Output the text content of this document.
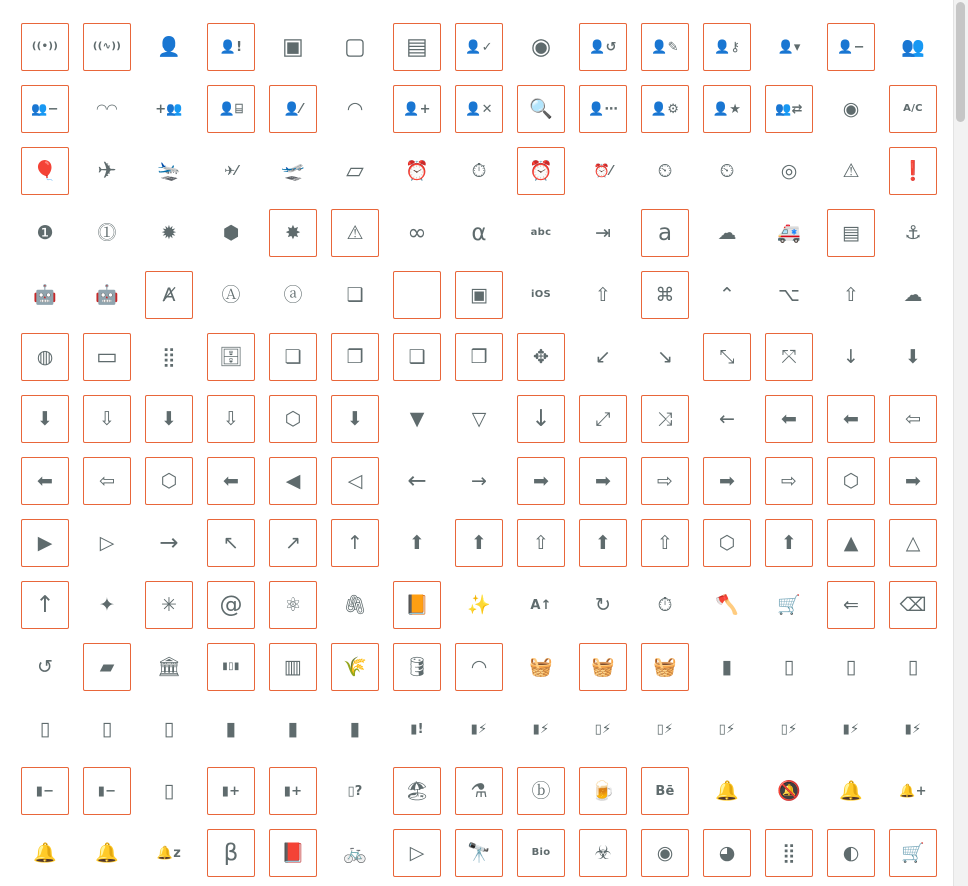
((•))	((∿)) 👤	👤! ▣ ▢ ▤	👤✓ ◉	👤↺	👤✎	👤⚷	👤▾	👤− 👥
👥−	◠◠	+👥	👤⌸	👤⁄ ◠	👤+	👤✕ 🔍	👤⋯	👤⚙	👤★	👥⇄ ◉	A/C
🎈 ✈ 🛬	✈⁄ 🛫 ▱ ⏰ ⏱ ⏰	⏰⁄ ⏲ ⏲ ◎ ⚠ ❗
❶ ⓵ ✹ ⬢ ✸ ⚠ ∞ α	abc ⇥ a ☁ 🚑 ▤ ⚓
🤖 🤖 Ⱥ Ⓐ ⓐ ❑	▣	iOS ⇧ ⌘ ⌃ ⌥ ⇧ ☁
◍ ▭ ⣿ 🗄 ❏ ❐ ❑ ❒ ✥ ↙ ↘ ⤡ ⤧ ↓ ⬇
⬇ ⇩ ⬇ ⇩ ⬡ ⬇ ▼ ▽ ↓ ⤢ ⤨ ← ⬅ ⬅ ⇦
⬅ ⇦ ⬡ ⬅ ◀ ◁ ← → ➡ ➡ ⇨ ➡ ⇨ ⬡ ➡
▶ ▷ → ↖ ↗ ↑ ⬆ ⬆ ⇧ ⬆ ⇧ ⬡ ⬆ ▲ △
↑ ✦ ✳ @ ⚛ 🖇 📙 ✨	A↑ ↻ ⏱ 🪓 🛒 ⇐ ⌫
↺ ▰ 🏛	▮▯▮ ▥ 🌾 🛢 ◠ 🧺 🧺 🧺 ▮	▯	▯	▯
▯	▯	▯	▮	▮	▮	▮!	▮⚡	▮⚡	▯⚡	▯⚡	▯⚡	▯⚡	▮⚡	▮⚡
▮−	▮−	▯	▮+	▮+	▯? 🏖 ⚗ ⓑ 🍺	Bē 🔔 🔕 🔔	🔔+
🔔 🔔	🔔z β 📕 🚲 ▷ 🔭	Bio ☣ ◉ ◕ ⣿ ◐ 🛒
